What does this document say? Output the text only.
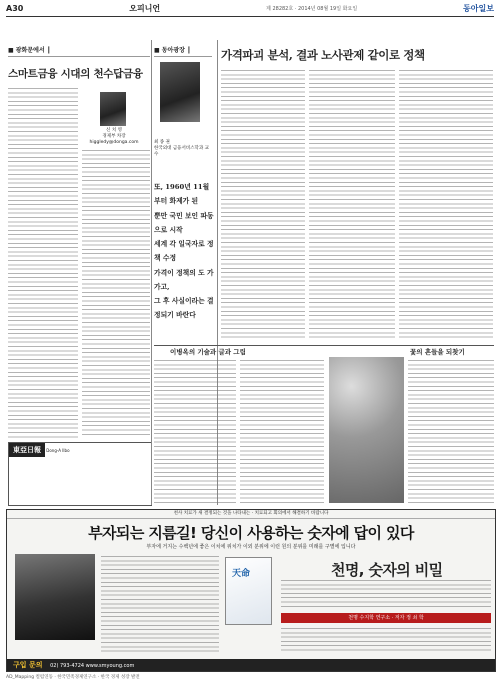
A30	오피니언	제 28282호 · 2014년 08월 19일 화요일	동아일보
■ 광화문에서 ┃
스마트금융 시대의 천수답금융
신 치 영
경제부 차장
higgledy@donga.com
東亞日報 Dong-A Ilbo
■ 동아광장 ┃
최 종 권
한국외대 금융서비스학과 교수
또, 1960년 11월부터 화제가 된
뿐만 국민 보인 파동으로 시작
세계 각 일국자로 정책 수정
가격이 정책의 도 가 가고,
그 후 사실이라는 결정되기 바란다
가격파괴 분석, 결과 노사관제 같이로 정책
이병옥의 기술과 글과 그림	꽃의 흔들을 되찾기
천사 치료가 새 결정되는 것을 나타내는 · 치료되고 회의에서 해결하기 바랍니다
부자되는 지름길! 당신이 사용하는 숫자에 답이 있다
부자에 거지는 수백년에 좋은 이치에 위치가 이외 분위에 이런 원의 분위를 미래를 구별에 입니다
天命	천명, 숫자의 비밀
천명 수지학 연구소 · 저자 정 쇠 학
구입 문의 02) 793-4724 www.smyoung.com
AD_Mapping 컬럼연동 · 한국민족경제연구소 · 한국 경제 성장 발전
